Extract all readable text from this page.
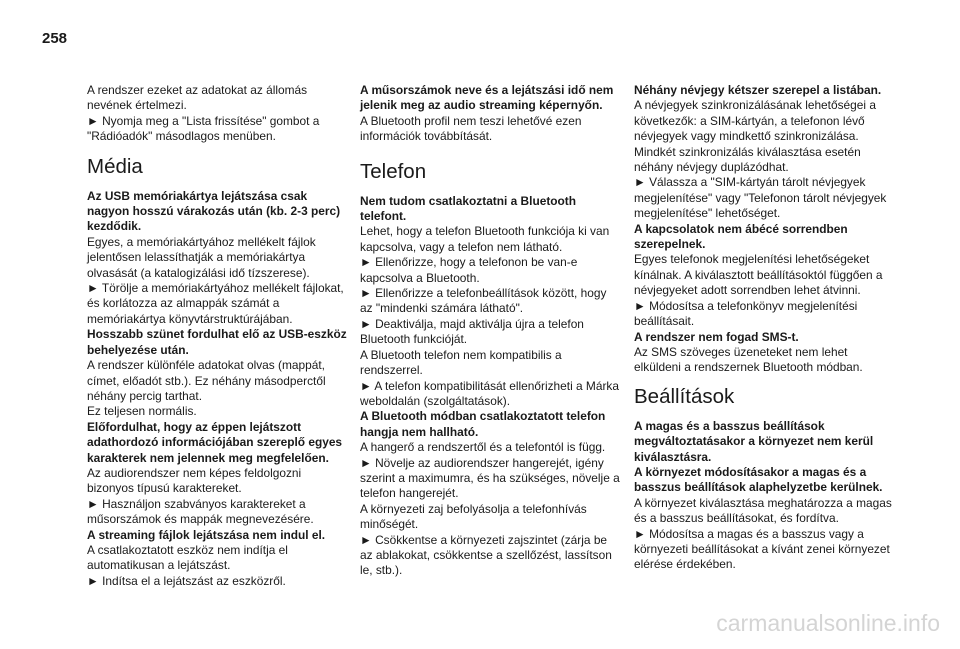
258

A rendszer ezeket az adatokat az állomás nevének értelmezi.

► Nyomja meg a "Lista frissítése" gombot a "Rádióadók" másodlagos menüben.

Média

Az USB memóriakártya lejátszása csak nagyon hosszú várakozás után (kb. 2-3 perc) kezdődik.

Egyes, a memóriakártyához mellékelt fájlok jelentősen lelassíthatják a memóriakártya olvasását (a katalogizálási idő tízszerese).

► Törölje a memóriakártyához mellékelt fájlokat, és korlátozza az almappák számát a memóriakártya könyvtárstruktúrájában.

Hosszabb szünet fordulhat elő az USB-eszköz behelyezése után.

A rendszer különféle adatokat olvas (mappát, címet, előadót stb.). Ez néhány másodperctől néhány percig tarthat.

Ez teljesen normális.

Előfordulhat, hogy az éppen lejátszott adathordozó információjában szereplő egyes karakterek nem jelennek meg megfelelően.

Az audiorendszer nem képes feldolgozni bizonyos típusú karaktereket.

► Használjon szabványos karaktereket a műsorszámok és mappák megnevezésére.

A streaming fájlok lejátszása nem indul el.

A csatlakoztatott eszköz nem indítja el automatikusan a lejátszást.

► Indítsa el a lejátszást az eszközről.

A műsorszámok neve és a lejátszási idő nem jelenik meg az audio streaming képernyőn.

A Bluetooth profil nem teszi lehetővé ezen információk továbbítását.

Telefon

Nem tudom csatlakoztatni a Bluetooth telefont.

Lehet, hogy a telefon Bluetooth funkciója ki van kapcsolva, vagy a telefon nem látható.

► Ellenőrizze, hogy a telefonon be van-e kapcsolva a Bluetooth.

► Ellenőrizze a telefonbeállítások között, hogy az "mindenki számára látható".

► Deaktiválja, majd aktiválja újra a telefon Bluetooth funkcióját.

A Bluetooth telefon nem kompatibilis a rendszerrel.

► A telefon kompatibilitását ellenőrizheti a Márka weboldalán (szolgáltatások).

A Bluetooth módban csatlakoztatott telefon hangja nem hallható.

A hangerő a rendszertől és a telefontól is függ.

► Növelje az audiorendszer hangerejét, igény szerint a maximumra, és ha szükséges, növelje a telefon hangerejét.

A környezeti zaj befolyásolja a telefonhívás minőségét.

► Csökkentse a környezeti zajszintet (zárja be az ablakokat, csökkentse a szellőzést, lassítson le, stb.).

Néhány névjegy kétszer szerepel a listában.

A névjegyek szinkronizálásának lehetőségei a következők: a SIM-kártyán, a telefonon lévő névjegyek vagy mindkettő szinkronizálása. Mindkét szinkronizálás kiválasztása esetén néhány névjegy duplázódhat.

► Válassza a "SIM-kártyán tárolt névjegyek megjelenítése" vagy "Telefonon tárolt névjegyek megjelenítése" lehetőséget.

A kapcsolatok nem ábécé sorrendben szerepelnek.

Egyes telefonok megjelenítési lehetőségeket kínálnak. A kiválasztott beállításoktól függően a névjegyeket adott sorrendben lehet átvinni.

► Módosítsa a telefonkönyv megjelenítési beállításait.

A rendszer nem fogad SMS-t.

Az SMS szöveges üzeneteket nem lehet elküldeni a rendszernek Bluetooth módban.

Beállítások

A magas és a basszus beállítások megváltoztatásakor a környezet nem kerül kiválasztásra.

A környezet módosításakor a magas és a basszus beállítások alaphelyzetbe kerülnek.

A környezet kiválasztása meghatározza a magas és a basszus beállításokat, és fordítva.

► Módosítsa a magas és a basszus vagy a környezeti beállításokat a kívánt zenei környezet elérése érdekében.

carmanualsonline.info
